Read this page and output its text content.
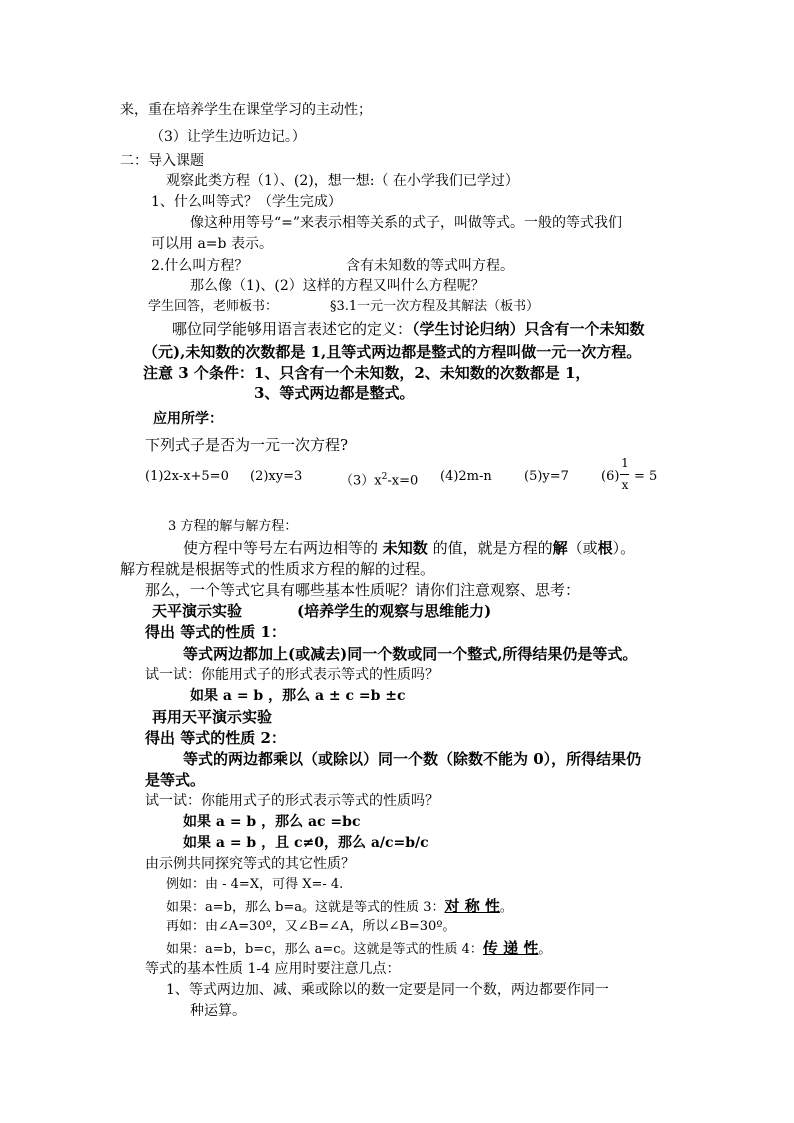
来，重在培养学生在课堂学习的主动性；
（3）让学生边听边记。）
二：导入课题
观察此类方程（1）、(2)，想一想:（ 在小学我们已学过）
1、什么叫等式？（学生完成）
像这种用等号“=”来表示相等关系的式子，叫做等式。一般的等式我们
可以用 a=b 表示。
2.什么叫方程？	含有未知数的等式叫方程。
那么像（1)、(2）这样的方程又叫什么方程呢？
学生回答，老师板书：	§3.1一元一次方程及其解法（板书）
哪位同学能够用语言表述它的定义：（学生讨论归纳）只含有一个未知数
（元),未知数的次数都是 1,且等式两边都是整式的方程叫做一元一次方程。
注意 3 个条件：1、只含有一个未知数，2、未知数的次数都是 1，
3、等式两边都是整式。
应用所学：
下列式子是否为一元一次方程?
(1)2x-x+5=0 (2)xy=3	$(3)x^2-x=0$ (4)2m-n (5)y=7 (6)
1
x
= 5
3 方程的解与解方程：
使方程中等号左右两边相等的 未知数 的值，就是方程的解（或根）。
解方程就是根据等式的性质求方程的解的过程。
那么，一个等式它具有哪些基本性质呢？请你们注意观察、思考：
天平演示实验	(培养学生的观察与思维能力)
得出 等式的性质 1：
等式两边都加上(或减去)同一个数或同一个整式,所得结果仍是等式。
试一试：你能用式子的形式表示等式的性质吗？
如果 a = b ，那么 a ± c =b ±c
再用天平演示实验
得出 等式的性质 2：
等式的两边都乘以（或除以）同一个数（除数不能为 0），所得结果仍
是等式。
试一试：你能用式子的形式表示等式的性质吗？
如果 a = b ，那么 ac =bc
如果 a = b ，且 c≠0，那么 a/c=b/c
由示例共同探究等式的其它性质？
例如：由 - 4=X，可得 X=- 4.
如果：a=b，那么 b=a。这就是等式的性质 3：对 称 性。
再如：由∠A=30º，又∠B=∠A，所以∠B=30º。
如果：a=b，b=c，那么 a=c。这就是等式的性质 4：传 递 性。
等式的基本性质 1-4 应用时要注意几点：
1、等式两边加、减、乘或除以的数一定要是同一个数，两边都要作同一
种运算。
